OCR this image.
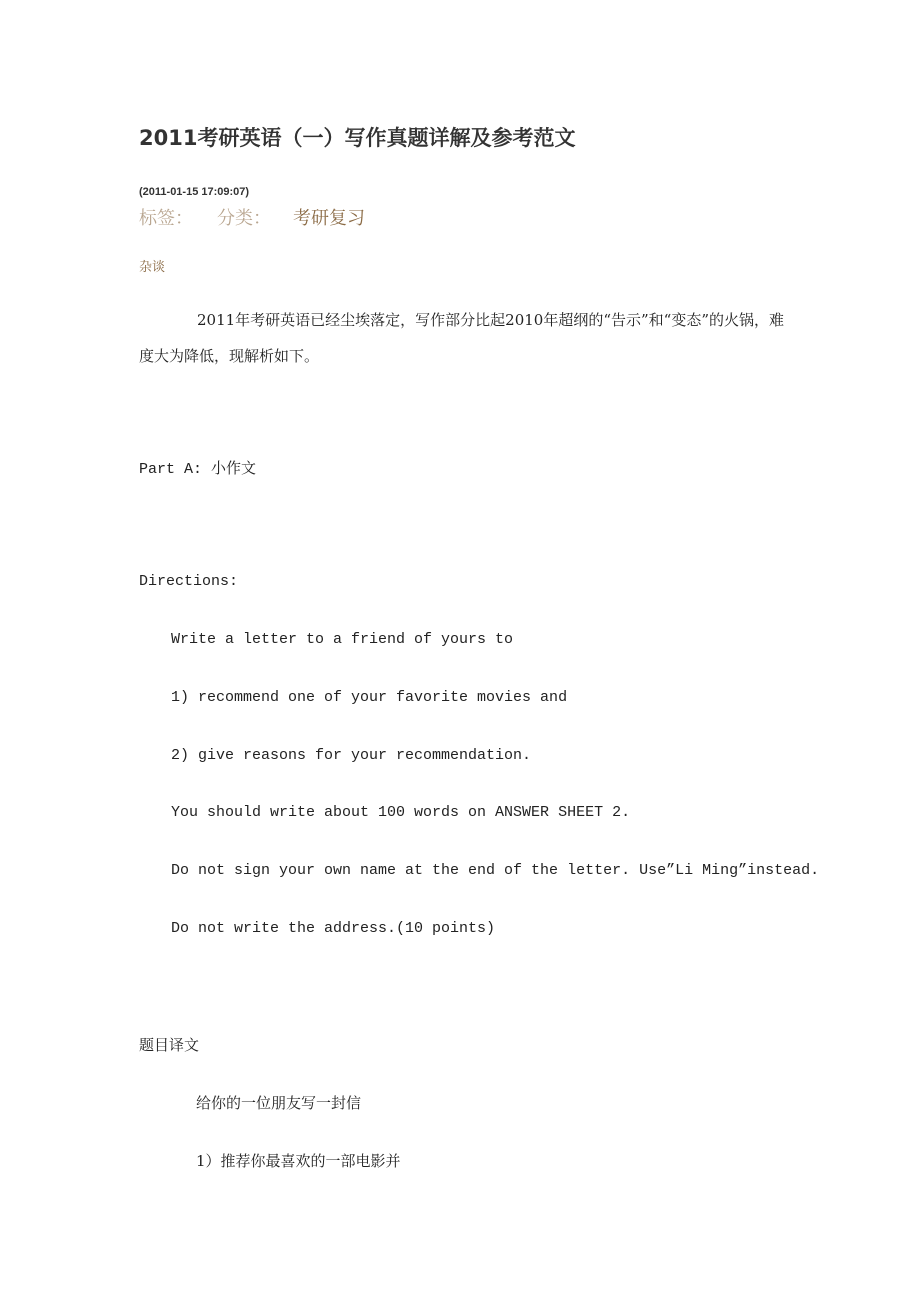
2011考研英语（一）写作真题详解及参考范文
(2011-01-15 17:09:07)
标签： 分类： 考研复习
杂谈

2011年考研英语已经尘埃落定，写作部分比起2010年超纲的“告示”和“变态”的火锅，难度大为降低，现解析如下。

Part A: 小作文
Directions:
Write a letter to a friend of yours to
1) recommend one of your favorite movies and
2) give reasons for your recommendation.
You should write about 100 words on ANSWER SHEET 2.
Do not sign your own name at the end of the letter. Use”Li Ming”instead.
Do not write the address.(10 points)
题目译文
给你的一位朋友写一封信
1）推荐你最喜欢的一部电影并
